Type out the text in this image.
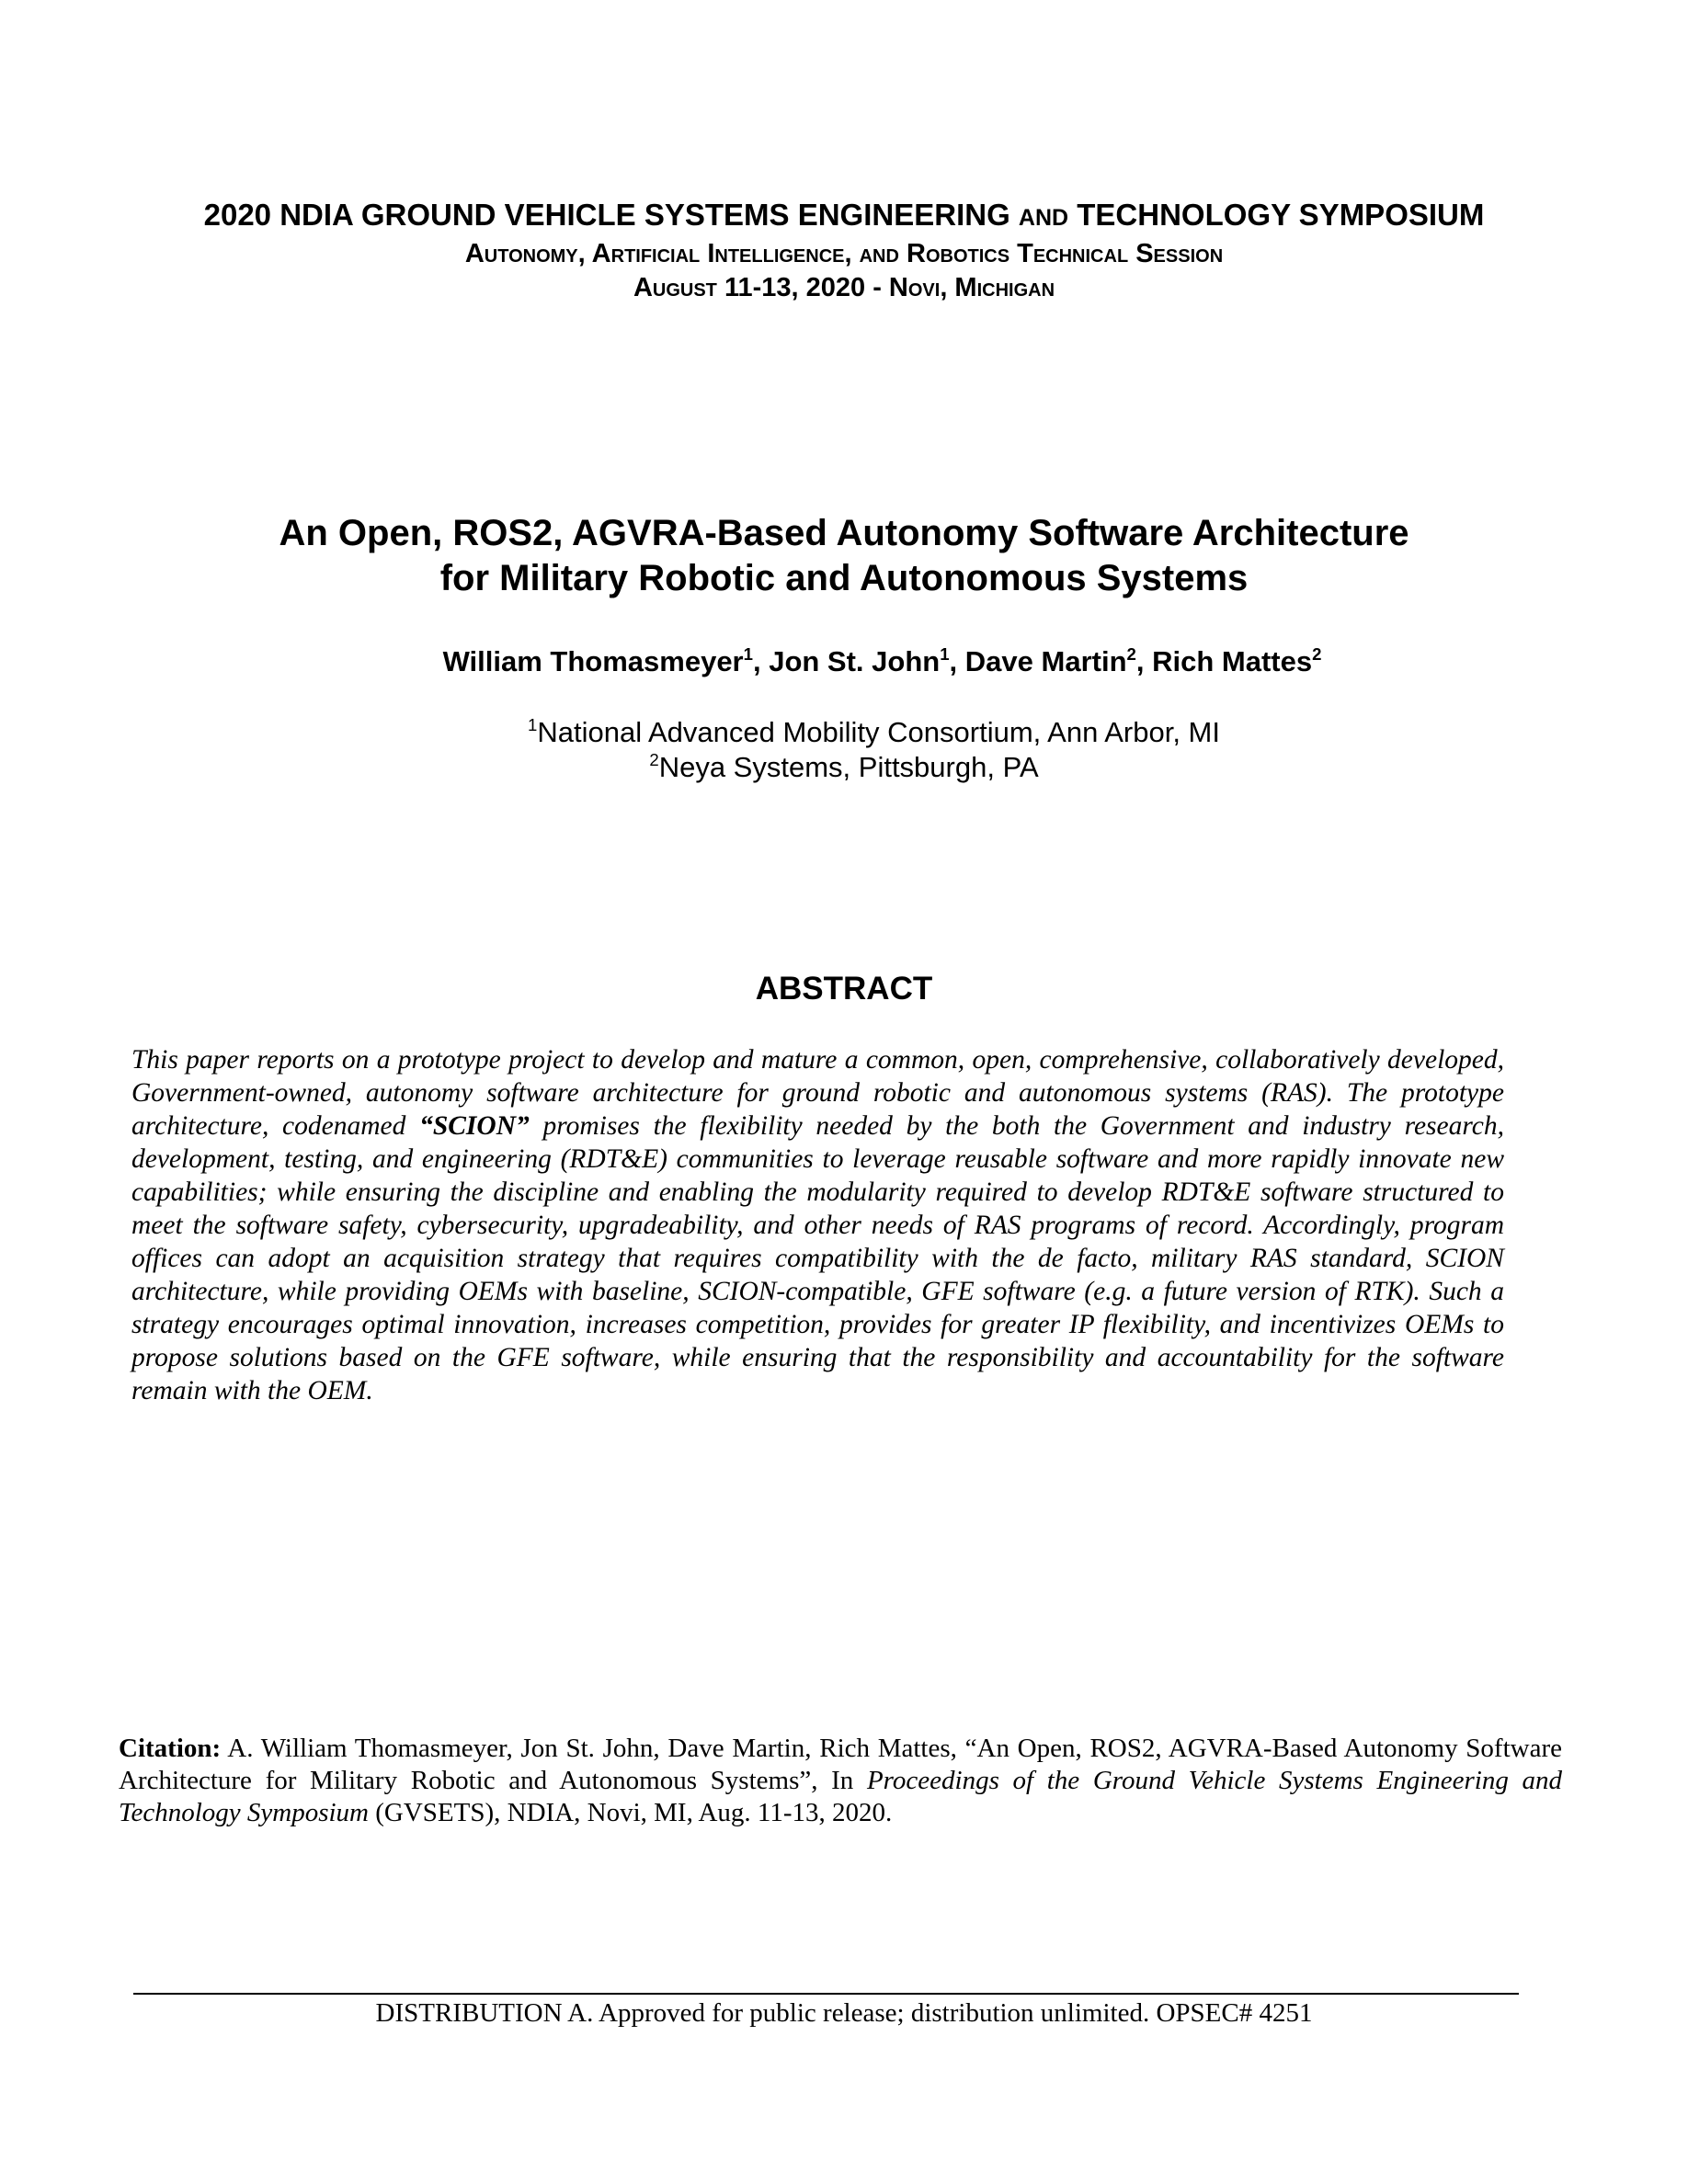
2020 NDIA GROUND VEHICLE SYSTEMS ENGINEERING AND TECHNOLOGY SYMPOSIUM
Autonomy, Artificial Intelligence, and Robotics Technical Session
August 11-13, 2020 - Novi, Michigan
An Open, ROS2, AGVRA-Based Autonomy Software Architecture
for Military Robotic and Autonomous Systems
William Thomasmeyer$^1$, Jon St. John$^1$, Dave Martin$^2$, Rich Mattes$^2$
$^1$National Advanced Mobility Consortium, Ann Arbor, MI
$^2$Neya Systems, Pittsburgh, PA
ABSTRACT
This paper reports on a prototype project to develop and mature a common, open, comprehensive, collaboratively developed, Government-owned, autonomy software architecture for ground robotic and autonomous systems (RAS). The prototype architecture, codenamed “SCION” promises the flexibility needed by the both the Government and industry research, development, testing, and engineering (RDT&E) communities to leverage reusable software and more rapidly innovate new capabilities; while ensuring the discipline and enabling the modularity required to develop RDT&E software structured to meet the software safety, cybersecurity, upgradeability, and other needs of RAS programs of record. Accordingly, program offices can adopt an acquisition strategy that requires compatibility with the de facto, military RAS standard, SCION architecture, while providing OEMs with baseline, SCION-compatible, GFE software (e.g. a future version of RTK). Such a strategy encourages optimal innovation, increases competition, provides for greater IP flexibility, and incentivizes OEMs to propose solutions based on the GFE software, while ensuring that the responsibility and accountability for the software remain with the OEM.
Citation: A. William Thomasmeyer, Jon St. John, Dave Martin, Rich Mattes, “An Open, ROS2, AGVRA-Based Autonomy Software Architecture for Military Robotic and Autonomous Systems”, In Proceedings of the Ground Vehicle Systems Engineering and Technology Symposium (GVSETS), NDIA, Novi, MI, Aug. 11-13, 2020.
DISTRIBUTION A. Approved for public release; distribution unlimited. OPSEC# 4251
